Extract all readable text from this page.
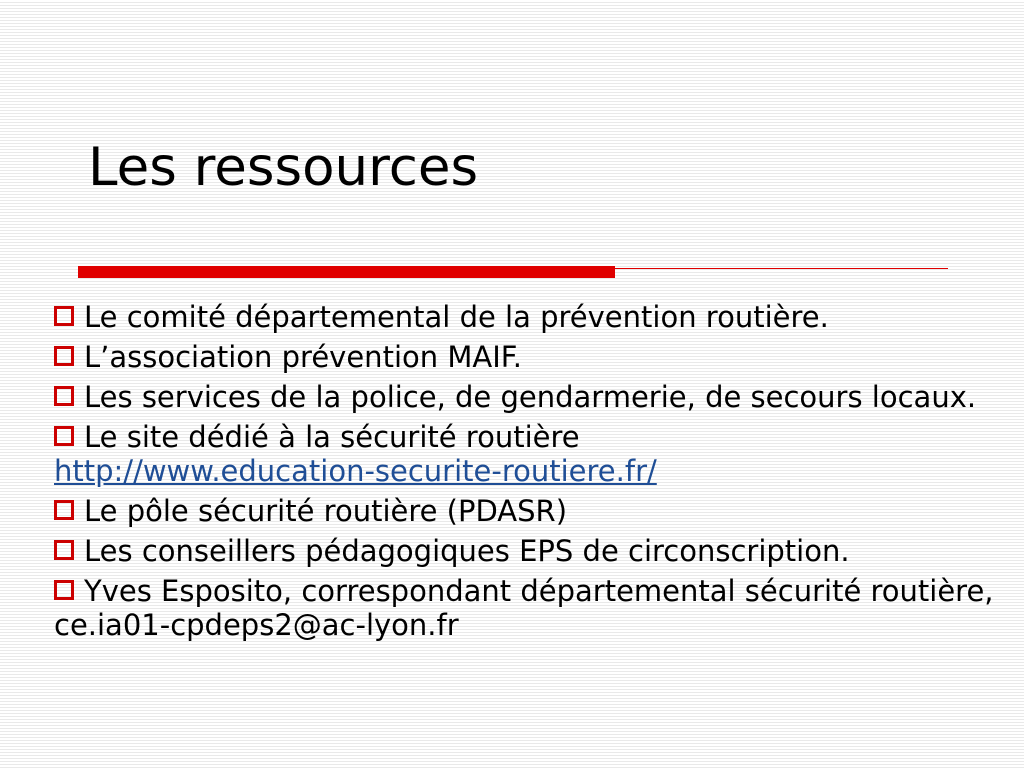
Les ressources
Le comité départemental de la prévention routière.
L’association prévention MAIF.
Les services de la police, de gendarmerie, de secours locaux.
Le site dédié à la sécurité routière
http://www.education-securite-routiere.fr/
Le pôle sécurité routière (PDASR)
Les conseillers pédagogiques EPS de circonscription.
Yves Esposito, correspondant départemental sécurité routière, ce.ia01-cpdeps2@ac-lyon.fr
